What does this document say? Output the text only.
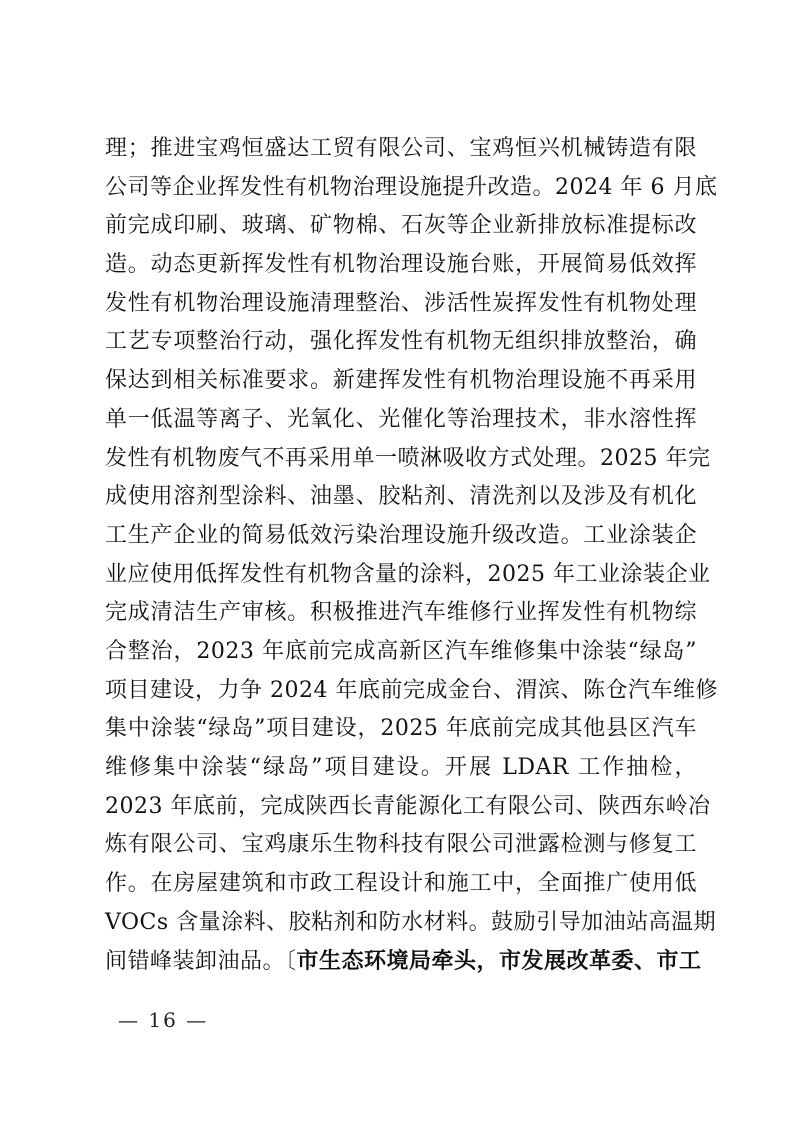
理；推进宝鸡恒盛达工贸有限公司、宝鸡恒兴机械铸造有限
公司等企业挥发性有机物治理设施提升改造。2024 年 6 月底
前完成印刷、玻璃、矿物棉、石灰等企业新排放标准提标改
造。动态更新挥发性有机物治理设施台账，开展简易低效挥
发性有机物治理设施清理整治、涉活性炭挥发性有机物处理
工艺专项整治行动，强化挥发性有机物无组织排放整治，确
保达到相关标准要求。新建挥发性有机物治理设施不再采用
单一低温等离子、光氧化、光催化等治理技术，非水溶性挥
发性有机物废气不再采用单一喷淋吸收方式处理。2025 年完
成使用溶剂型涂料、油墨、胶粘剂、清洗剂以及涉及有机化
工生产企业的简易低效污染治理设施升级改造。工业涂装企
业应使用低挥发性有机物含量的涂料，2025 年工业涂装企业
完成清洁生产审核。积极推进汽车维修行业挥发性有机物综
合整治，2023 年底前完成高新区汽车维修集中涂装“绿岛”
项目建设，力争 2024 年底前完成金台、渭滨、陈仓汽车维修
集中涂装“绿岛”项目建设，2025 年底前完成其他县区汽车
维修集中涂装“绿岛”项目建设。开展 LDAR 工作抽检，
2023 年底前，完成陕西长青能源化工有限公司、陕西东岭冶
炼有限公司、宝鸡康乐生物科技有限公司泄露检测与修复工
作。在房屋建筑和市政工程设计和施工中，全面推广使用低
VOCs 含量涂料、胶粘剂和防水材料。鼓励引导加油站高温期
间错峰装卸油品。〔市生态环境局牵头，市发展改革委、市工
— 16 —
